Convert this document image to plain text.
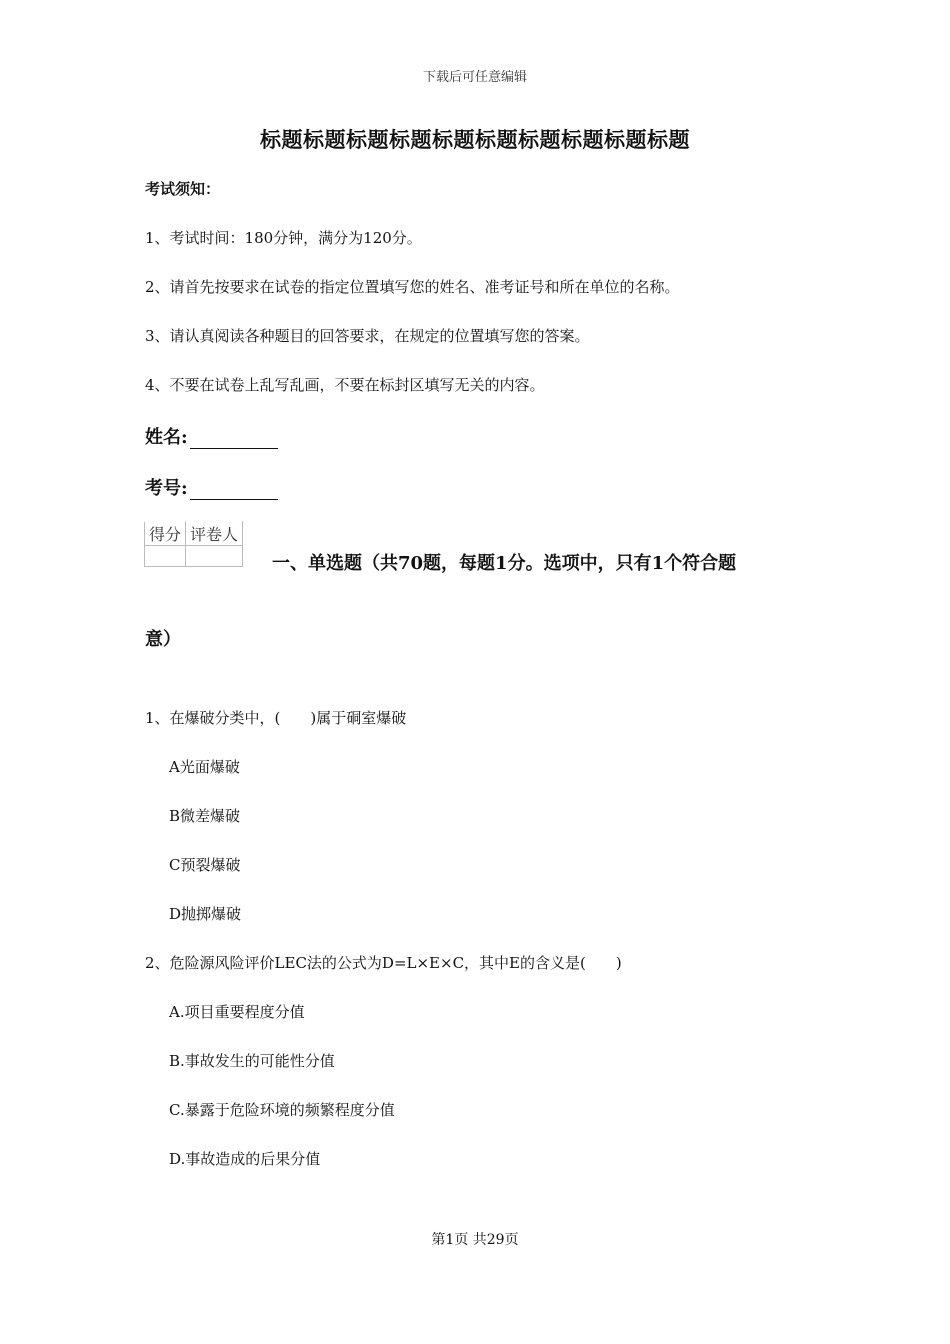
下载后可任意编辑
标题标题标题标题标题标题标题标题标题标题
考试须知：
1、考试时间：180分钟，满分为120分。
2、请首先按要求在试卷的指定位置填写您的姓名、准考证号和所在单位的名称。
3、请认真阅读各种题目的回答要求，在规定的位置填写您的答案。
4、不要在试卷上乱写乱画，不要在标封区填写无关的内容。
姓名:
考号:
得分	评卷人

一、单选题（共70题，每题1分。选项中，只有1个符合题
意）
1、在爆破分类中，(　　)属于硐室爆破
A光面爆破
B微差爆破
C预裂爆破
D抛掷爆破
2、危险源风险评价LEC法的公式为D=L×E×C，其中E的含义是(　　)
A.项目重要程度分值
B.事故发生的可能性分值
C.暴露于危险环境的频繁程度分值
D.事故造成的后果分值
第1页 共29页
